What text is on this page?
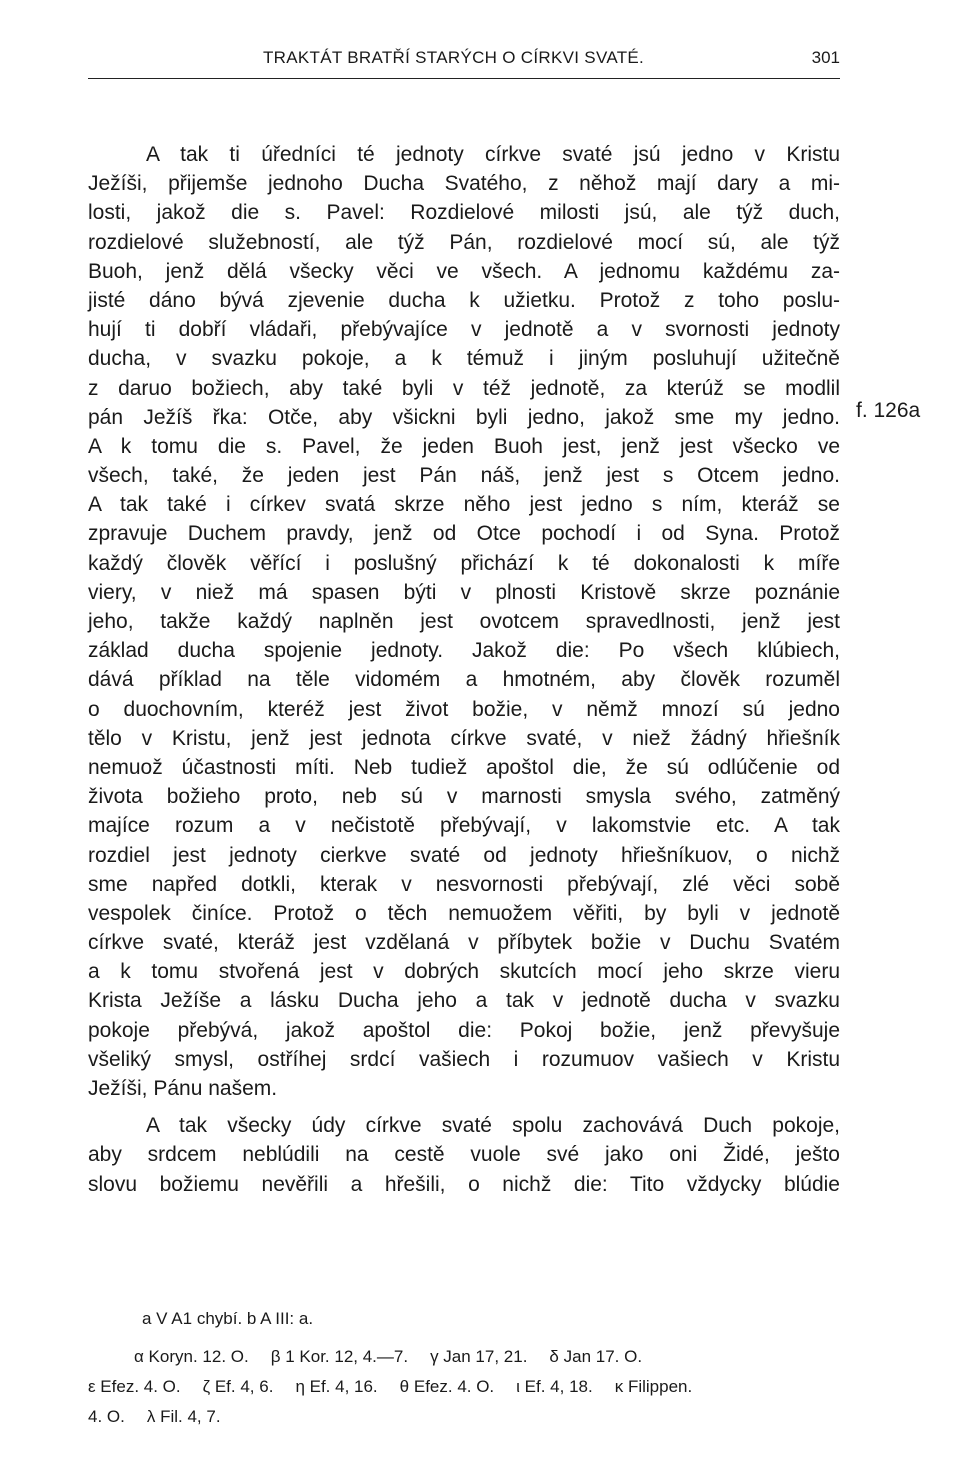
TRAKTÁT BRATŘÍ STARÝCH O CÍRKVI SVATÉ.	301
f. 126a
A tak ti úředníci té jednoty církve svaté jsú jedno v Kristu
Ježíši, přijemše jednoho Ducha Svatého, z něhož mají dary a mi-
losti, jakož die s. Pavel: Rozdielové milosti jsú, ale týž duch,
rozdielové služebností, ale týž Pán, rozdielové mocí sú, ale týž
Buoh, jenž dělá všecky věci ve všech. A jednomu každému za-
jisté dáno bývá zjevenie ducha k užietku. Protož z toho poslu-
hují ti dobří vládaři, přebývajíce v jednotě a v svornosti jednoty
ducha, v svazku pokoje, a k témuž i jiným posluhují užitečně
z daruo božiech, aby také byli v též jednotě, za kterúž se modlil
pán Ježíš řka: Otče, aby všickni byli jedno, jakož sme my jedno.
A k tomu die s. Pavel, že jeden Buoh jest, jenž jest všecko ve
všech, také, že jeden jest Pán náš, jenž jest s Otcem jedno.
A tak také i církev svatá skrze něho jest jedno s ním, kteráž se
zpravuje Duchem pravdy, jenž od Otce pochodí i od Syna. Protož
každý člověk věřící i poslušný přichází k té dokonalosti k míře
viery, v niež má spasen býti v plnosti Kristově skrze poznánie
jeho, takže každý naplněn jest ovotcem spravedlnosti, jenž jest
základ ducha spojenie jednoty. Jakož die: Po všech klúbiech,
dává příklad na těle vidomém a hmotném, aby člověk rozuměl
o duochovním, kteréž jest život božie, v němž mnozí sú jedno
tělo v Kristu, jenž jest jednota církve svaté, v niež žádný hřiešník
nemuož účastnosti míti. Neb tudiež apoštol die, že sú odlúčenie od
života božieho proto, neb sú v marnosti smysla svého, zatměný
majíce rozum a v nečistotě přebývají, v lakomstvie etc. A tak
rozdiel jest jednoty cierkve svaté od jednoty hřiešníkuov, o nichž
sme napřed dotkli, kterak v nesvornosti přebývají, zlé věci sobě
vespolek činíce. Protož o těch nemuožem věřiti, by byli v jednotě
církve svaté, kteráž jest vzdělaná v příbytek božie v Duchu Svatém
a k tomu stvořená jest v dobrých skutcích mocí jeho skrze vieru
Krista Ježíše a lásku Ducha jeho a tak v jednotě ducha v svazku
pokoje přebývá, jakož apoštol die: Pokoj božie, jenž převyšuje
všeliký smysl, ostříhej srdcí vašiech i rozumuov vašiech v Kristu
Ježíši, Pánu našem.
A tak všecky údy církve svaté spolu zachovává Duch pokoje,
aby srdcem neblúdili na cestě vuole své jako oni Židé, ješto
slovu božiemu nevěřili a hřešili, o nichž die: Tito vždycky blúdie
a V A1 chybí. b A III: a.
α Koryn. 12. O. β 1 Kor. 12, 4.—7. γ Jan 17, 21. δ Jan 17. O.
ε Efez. 4. O. ζ Ef. 4, 6. η Ef. 4, 16. θ Efez. 4. O. ι Ef. 4, 18. κ Filippen.
4. O. λ Fil. 4, 7.
